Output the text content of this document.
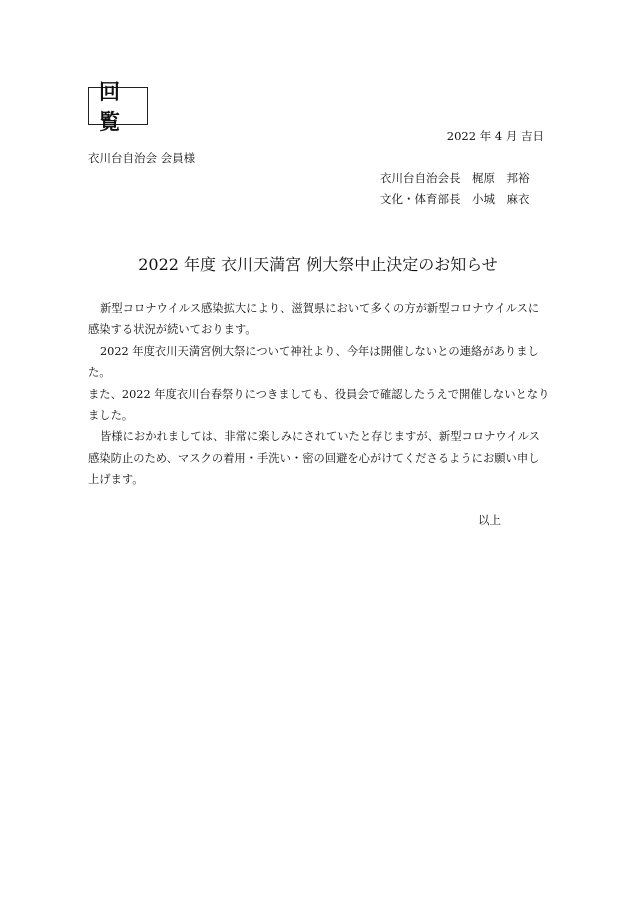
回 覧
2022 年 4 月 吉日
衣川台自治会 会員様
衣川台自治会長　梶原　邦裕
文化・体育部長　小城　麻衣
2022 年度 衣川天満宮 例大祭中止決定のお知らせ

新型コロナウイルス感染拡大により、滋賀県において多くの方が新型コロナウイルスに

感染する状況が続いております。

2022 年度衣川天満宮例大祭について神社より、今年は開催しないとの連絡がありまし

た。

また、2022 年度衣川台春祭りにつきましても、役員会で確認したうえで開催しないとなり

ました。

皆様におかれましては、非常に楽しみにされていたと存じますが、新型コロナウイルス

感染防止のため、マスクの着用・手洗い・密の回避を心がけてくださるようにお願い申し

上げます。

以上
